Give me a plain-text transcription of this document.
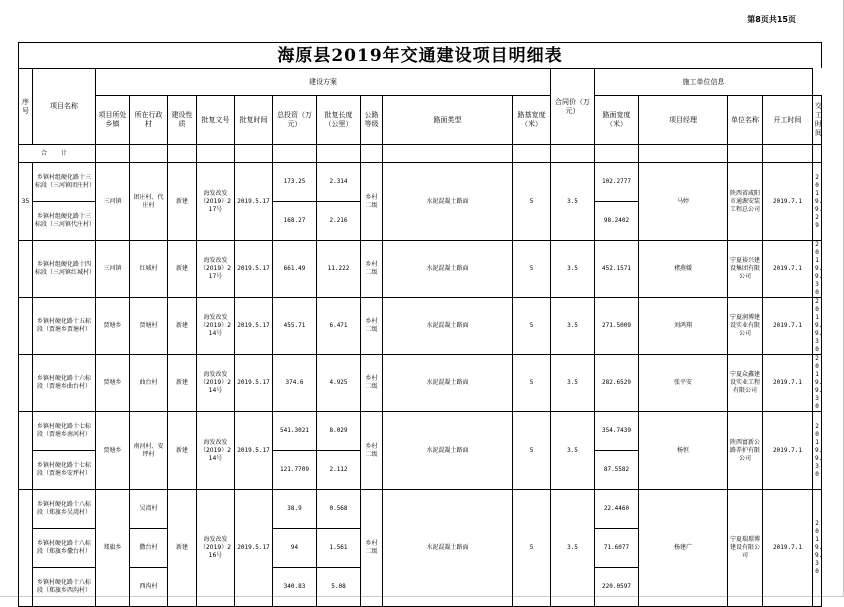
第8页共15页
海原县2019年交通建设项目明细表
序号	项目名称	建设方案										合同价（万元）	施工单位信息				
		项目所处乡镇	所在行政村	建设性质	批复文号	批复时间	总投资（万元）	批复长度（公里）	公路等级	路面类型	路基宽度（米）		路面宽度（米）	项目经理	单位名称	开工时间	交工时间
合 计																	
35	乡镇村组硬化路十三标段（三河镇团庄村）	三河镇	团庄村、代庄村	新建	海发改发（2019）217号	2019.5.17	173.25	2.314	乡村二级	水泥混凝土路面	5	3.5	102.2777	马婷	陕西省咸阳市通源安装工程总公司	2019.7.1	2019.9.29
	乡镇村组硬化路十三标段（三河镇代庄村）						168.27	2.216					98.2402				
	乡镇村组硬化路十四标段（三河镇红城村）	三河镇	红城村	新建	海发改发（2019）217号	2019.5.17	661.49	11.222	乡村二级	水泥混凝土路面	5	3.5	452.1571	褚燕媛	宁夏裕兴建设集团有限公司	2019.7.1	2019.9.30
	乡镇村硬化路十五标段（贾塘乡贾塘村）	贾塘乡	贾塘村	新建	海发改发（2019）214号	2019.5.17	455.71	6.471	乡村二级	水泥混凝土路面	5	3.5	271.5009	刘鸿翔	宁夏润博建设实业有限公司	2019.7.1	2019.9.30
	乡镇村硬化路十六标段（贾塘乡曲台村）	贾塘乡	曲台村	新建	海发改发（2019）214号	2019.5.17	374.6	4.925	乡村二级	水泥混凝土路面	5	3.5	282.6529	张平安	宁夏众鑫建设实业工程有限公司	2019.7.1	2019.9.30
	乡镇村硬化路十七标段（贾塘乡南河村）	贾塘乡	南河村、安坪村	新建	海发改发（2019）214号	2019.5.17	541.3021	8.029	乡村二级	水泥混凝土路面	5	3.5	354.7439	杨恒	陕西富新公路养护有限公司	2019.7.1	2019.9.30
	乡镇村硬化路十七标段（贾塘乡安坪村）						121.7709	2.112					87.5582				
	乡镇村硬化路十八标段（郑旗乡吴湾村）	郑旗乡	吴湾村	新建	海发改发（2019）216号	2019.5.17	38.9	0.568	乡村二级	水泥混凝土路面	5	3.5	22.4460	杨建广	宁夏瑞璟博建设有限公司	2019.7.1	2019.9.30
	乡镇村硬化路十八标段（郑旗乡撒台村）		撒台村				94	1.561					71.6077				
	乡镇村硬化路十八标段（郑旗乡西沟村）		西沟村				340.83	5.08					220.0597				
